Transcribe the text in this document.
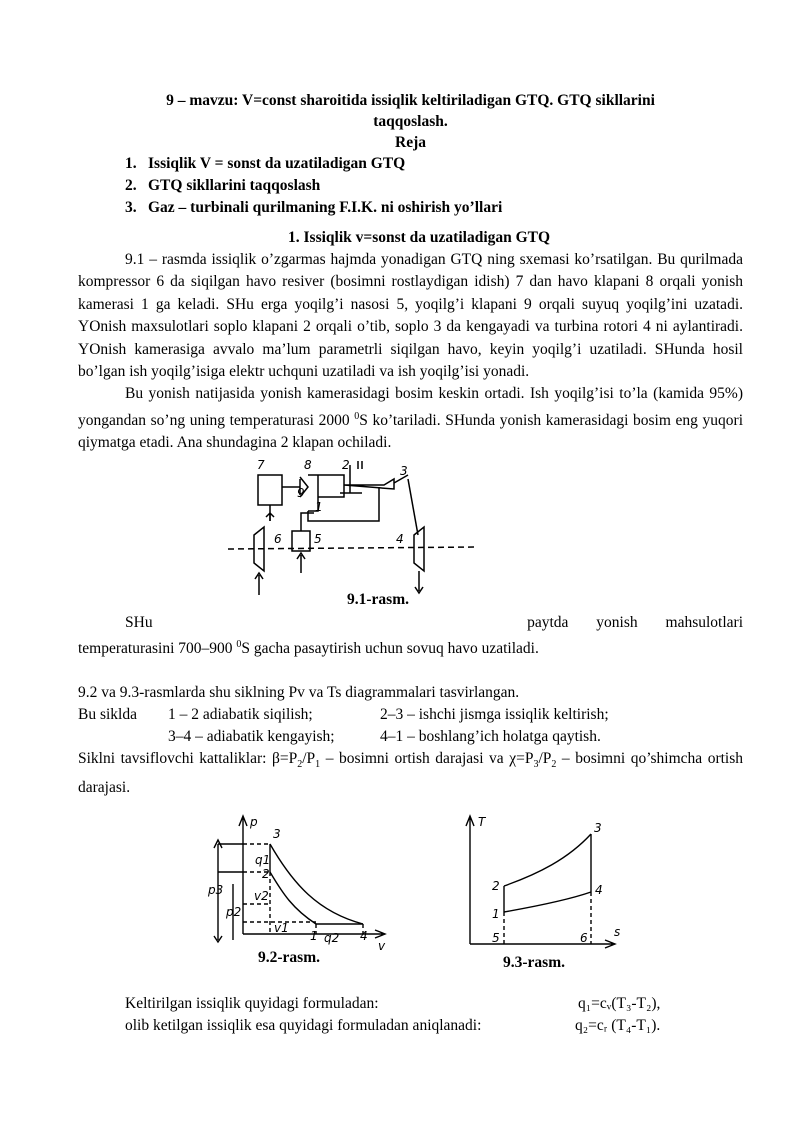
9 – mavzu: V=const sharoitida issiqlik keltiriladigan GTQ. GTQ sikllarini
taqqoslash.
Reja
1. Issiqlik V = sonst da uzatiladigan GTQ
2. GTQ sikllarini taqqoslash
3. Gaz – turbinali qurilmaning F.I.K. ni oshirish yo’llari
1. Issiqlik v=sonst da uzatiladigan GTQ

9.1 – rasmda issiqlik o’zgarmas hajmda yonadigan GTQ ning sxemasi ko’rsatilgan. Bu qurilmada kompressor 6 da siqilgan havo resiver (bosimni rostlaydigan idish) 7 dan havo klapani 8 orqali yonish kamerasi 1 ga keladi. SHu erga yoqilg’i nasosi 5, yoqilg’i klapani 9 orqali suyuq yoqilg’ini uzatadi. YOnish maxsulotlari soplo klapani 2 orqali o’tib, soplo 3 da kengayadi va turbina rotori 4 ni aylantiradi. YOnish kamerasiga avvalo ma’lum parametrli siqilgan havo, keyin yoqilg’i uzatiladi. SHunda hosil bo’lgan ish yoqilg’isiga elektr uchquni uzatiladi va ish yoqilg’isi yonadi.

Bu yonish natijasida yonish kamerasidagi bosim keskin ortadi. Ish yoqilg’isi to’la (kamida 95%) yongandan so’ng uning temperaturasi 2000 $^0$S ko’tariladi. SHunda yonish kamerasidagi bosim eng yuqori qiymatga etadi. Ana shundagina 2 klapan ochiladi.

7	8	2	3
9
1
6	5	4
9.1-rasm.

SHu	paytda yonish mahsulotlari

temperaturasini 700–900 $^0$S gacha pasaytirish uchun sovuq havo uzatiladi.

9.2 va 9.3-rasmlarda shu siklning Pv va Ts diagrammalari tasvirlangan.

Bu siklda	1 – 2 adiabatik siqilish;	2–3 – ishchi jismga issiqlik keltirish;
3–4 – adiabatik kengayish;	4–1 – boshlang’ich holatga qaytish.

Siklni tavsiflovchi kattaliklar: $\beta=P_2/P_1$ – bosimni ortish darajasi va $\chi=P_3/P_2$ – bosimni qo’shimcha ortish darajasi.

p
v
p3
p2
q1
q2
v1
v2
1
2
3
4
T
s
1
2
3
4
5	6
9.2-rasm.	9.3-rasm.
Keltirilgan issiqlik quyidagi formuladan:	q₁=cᵥ(T₃-T₂),
olib ketilgan issiqlik esa quyidagi formuladan aniqlanadi:	q₂=cᵣ (T₄-T₁).
